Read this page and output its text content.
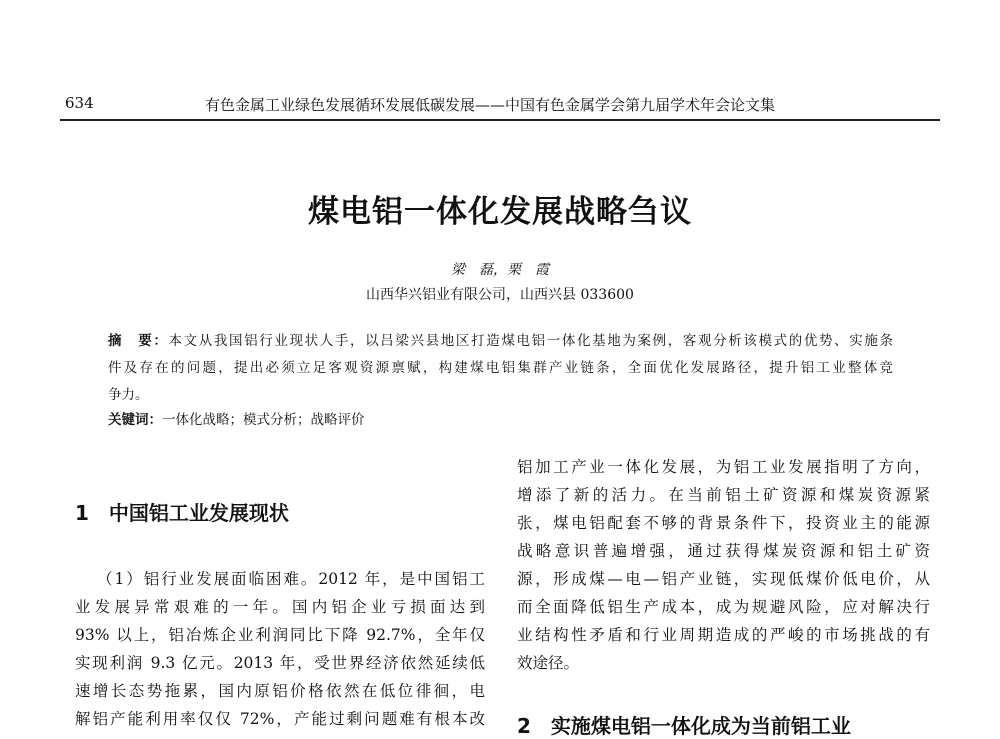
634	有色金属工业绿色发展循环发展低碳发展——中国有色金属学会第九届学术年会论文集
煤电铝一体化发展战略刍议
梁　磊，栗　霞
山西华兴铝业有限公司，山西兴县 033600
摘　要：本文从我国铝行业现状人手，以吕梁兴县地区打造煤电铝一体化基地为案例，客观分析该模式的优势、实施条
件及存在的问题，提出必须立足客观资源禀赋，构建煤电铝集群产业链条，全面优化发展路径，提升铝工业整体竞
争力。
关键词：一体化战略；模式分析；战略评价
1　中国铝工业发展现状
（1）铝行业发展面临困难。2012 年，是中国铝工
业发展异常艰难的一年。国内铝企业亏损面达到
93% 以上，铝冶炼企业利润同比下降 92.7%，全年仅
实现利润 9.3 亿元。2013 年，受世界经济依然延续低
速增长态势拖累，国内原铝价格依然在低位徘徊，电
解铝产能利用率仅仅 72%，产能过剩问题难有根本改
铝加工产业一体化发展，为铝工业发展指明了方向，
增添了新的活力。在当前铝土矿资源和煤炭资源紧
张，煤电铝配套不够的背景条件下，投资业主的能源
战略意识普遍增强，通过获得煤炭资源和铝土矿资
源，形成煤—电—铝产业链，实现低煤价低电价，从
而全面降低铝生产成本，成为规避风险，应对解决行
业结构性矛盾和行业周期造成的严峻的市场挑战的有
效途径。
2　实施煤电铝一体化成为当前铝工业
